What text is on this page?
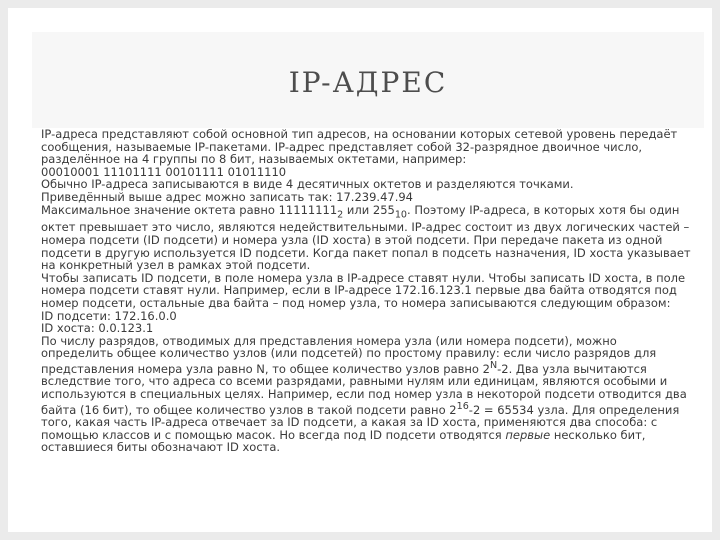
IP-АДРЕС

IP-адреса представляют собой основной тип адресов, на основании которых сетевой уровень передаёт сообщения, называемые IP-пакетами. IP-адрес представляет собой 32-разрядное двоичное число, разделённое на 4 группы по 8 бит, называемых октетами, например:

00010001 11101111 00101111 01011110

Обычно IP-адреса записываются в виде 4 десятичных октетов и разделяются точками.

Приведённый выше адрес можно записать так: 17.239.47.94

Максимальное значение октета равно $11111111_2$ или $255_{10}$. Поэтому IP-адреса, в которых хотя бы один октет превышает это число, являются недействительными. IP-адрес состоит из двух логических частей – номера подсети (ID подсети) и номера узла (ID хоста) в этой подсети. При передаче пакета из одной подсети в другую используется ID подсети. Когда пакет попал в подсеть назначения, ID хоста указывает на конкретный узел в рамках этой подсети.

Чтобы записать ID подсети, в поле номера узла в IP-адресе ставят нули. Чтобы записать ID хоста, в поле номера подсети ставят нули. Например, если в IP-адресе 172.16.123.1 первые два байта отводятся под номер подсети, остальные два байта – под номер узла, то номера записываются следующим образом:

ID подсети: 172.16.0.0

ID хоста: 0.0.123.1

По числу разрядов, отводимых для представления номера узла (или номера подсети), можно определить общее количество узлов (или подсетей) по простому правилу: если число разрядов для представления номера узла равно N, то общее количество узлов равно $2^N-2$. Два узла вычитаются вследствие того, что адреса со всеми разрядами, равными нулям или единицам, являются особыми и используются в специальных целях. Например, если под номер узла в некоторой подсети отводится два байта (16 бит), то общее количество узлов в такой подсети равно $2^{16}-2 = 65534$ узла. Для определения того, какая часть IP-адреса отвечает за ID подсети, а какая за ID хоста, применяются два способа: с помощью классов и с помощью масок. Но всегда под ID подсети отводятся первые несколько бит, оставшиеся биты обозначают ID хоста.
